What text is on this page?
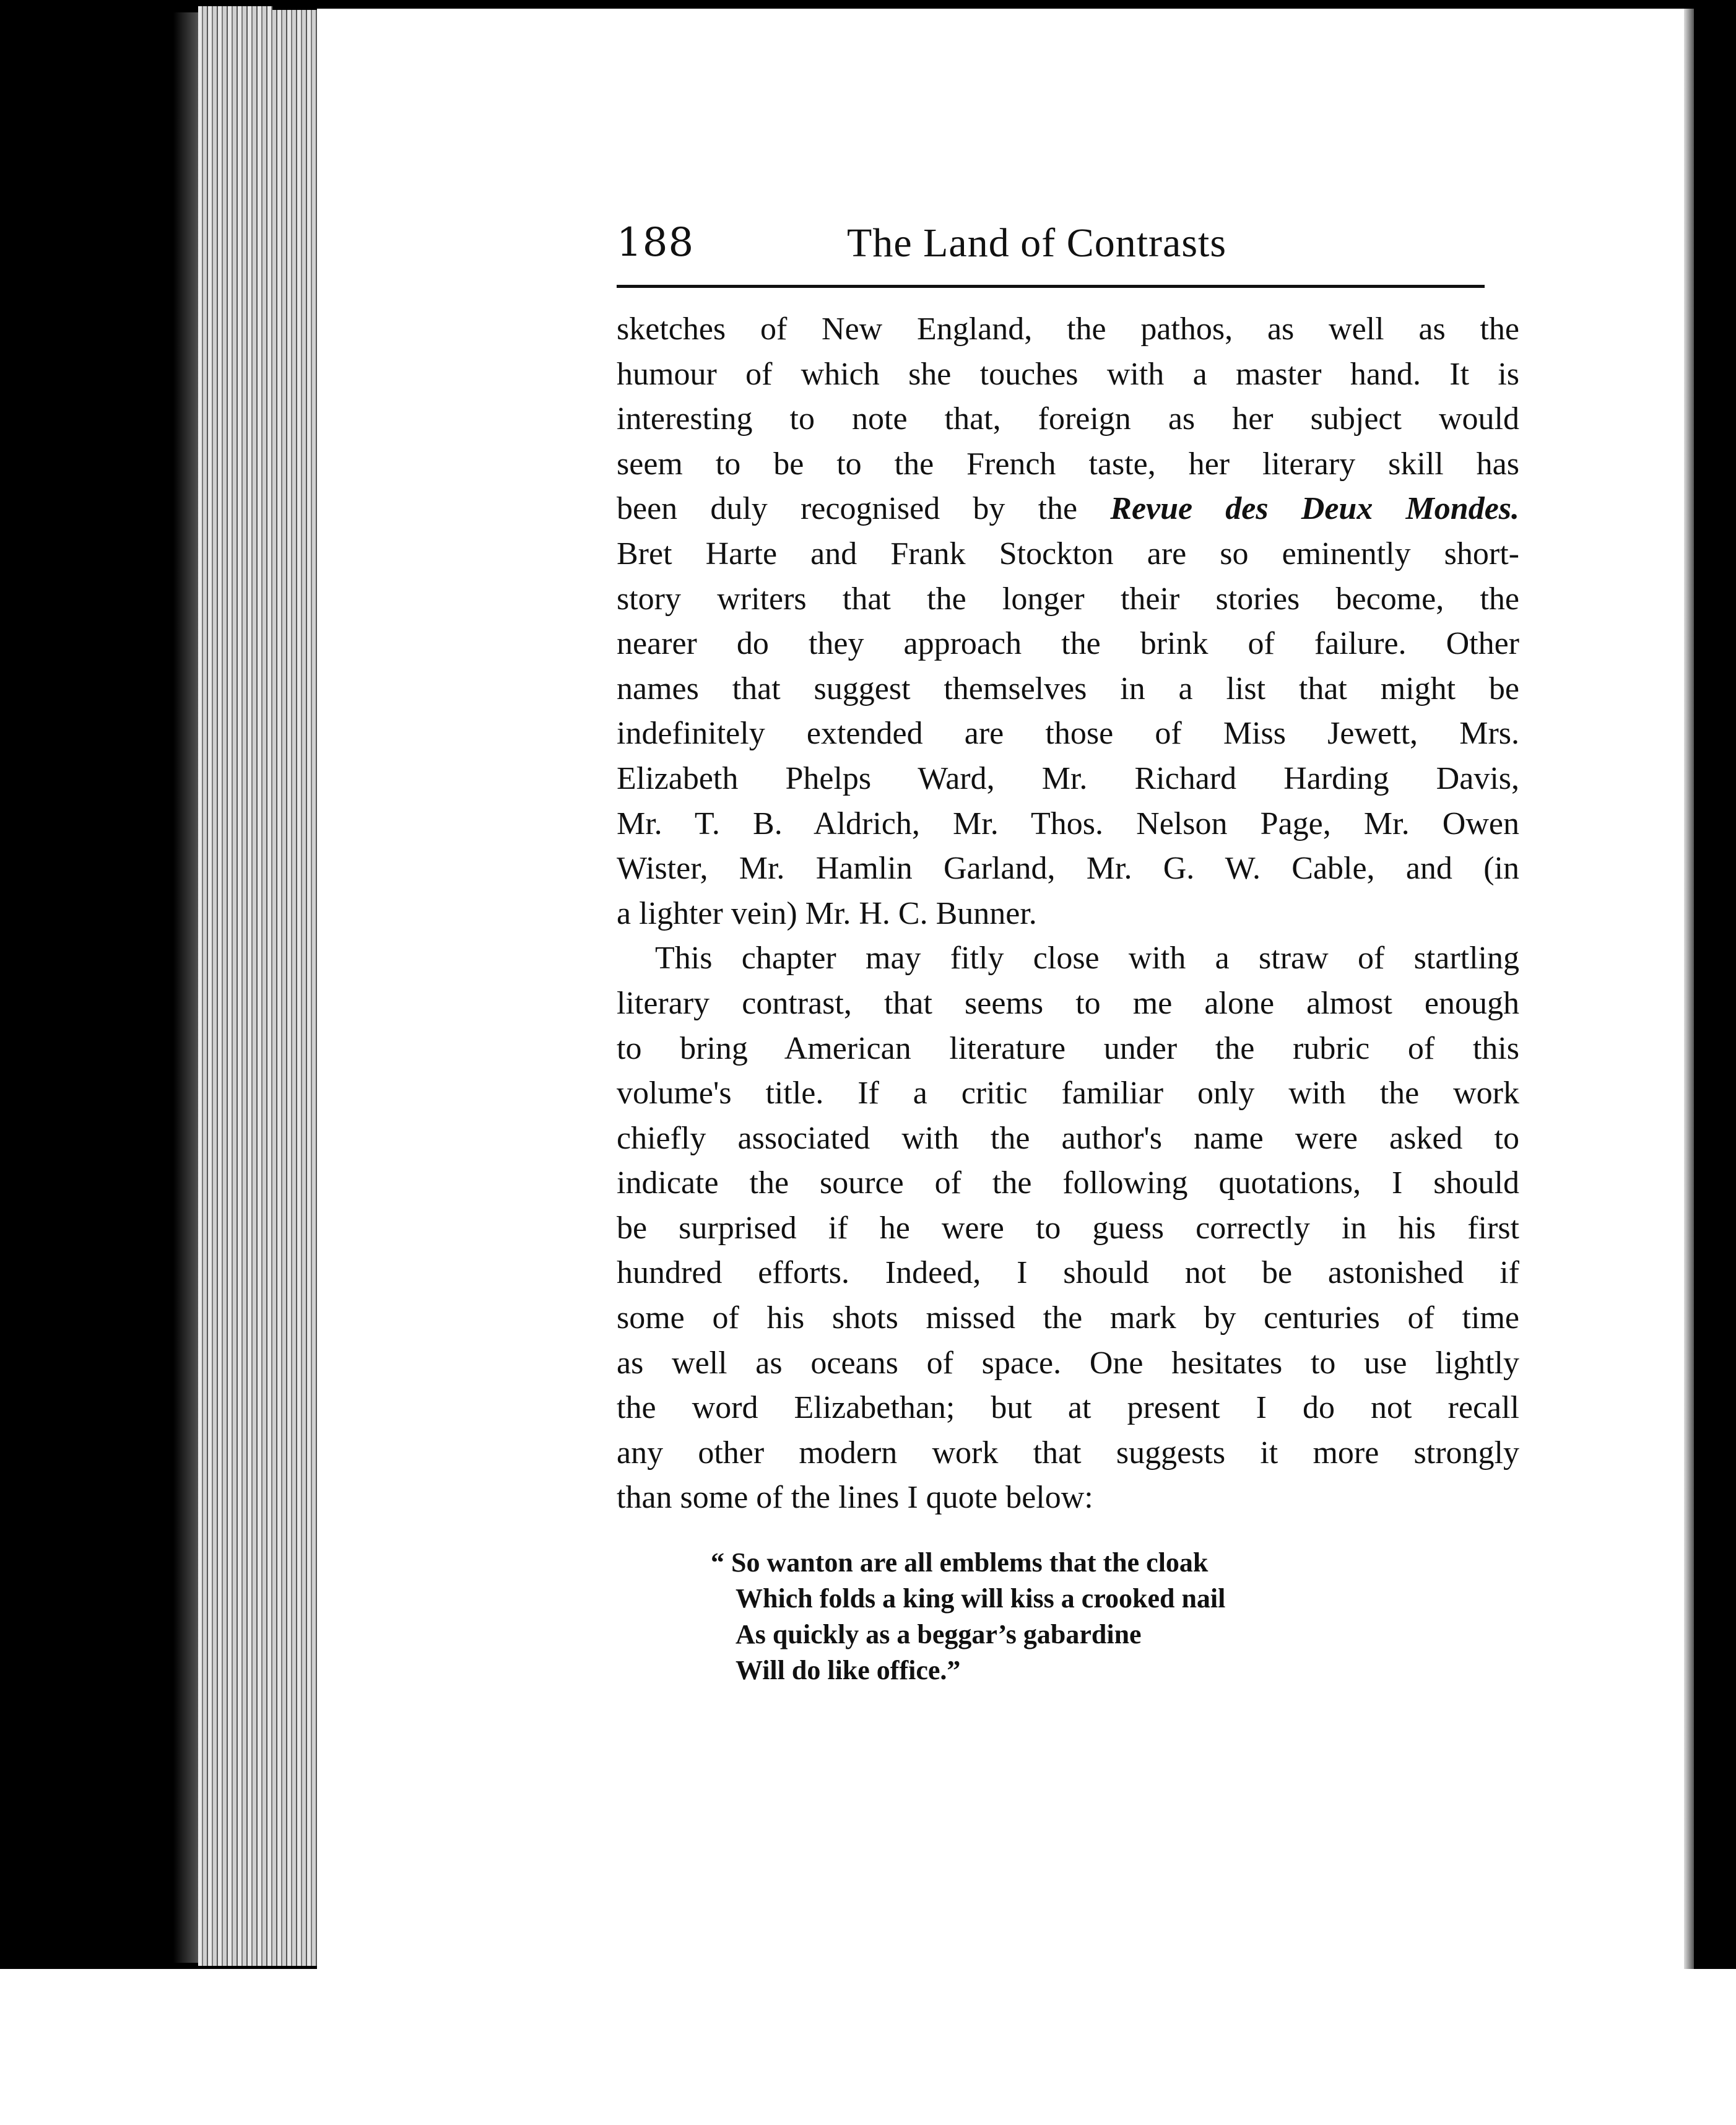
188	The Land of Contrasts
sketches of New England, the pathos, as well as the
humour of which she touches with a master hand. It is
interesting to note that, foreign as her subject would
seem to be to the French taste, her literary skill has
been duly recognised by the Revue des Deux Mondes.
Bret Harte and Frank Stockton are so eminently short-
story writers that the longer their stories become, the
nearer do they approach the brink of failure. Other
names that suggest themselves in a list that might be
indefinitely extended are those of Miss Jewett, Mrs.
Elizabeth Phelps Ward, Mr. Richard Harding Davis,
Mr. T. B. Aldrich, Mr. Thos. Nelson Page, Mr. Owen
Wister, Mr. Hamlin Garland, Mr. G. W. Cable, and (in
a lighter vein) Mr. H. C. Bunner.
This chapter may fitly close with a straw of startling
literary contrast, that seems to me alone almost enough
to bring American literature under the rubric of this
volume's title. If a critic familiar only with the work
chiefly associated with the author's name were asked to
indicate the source of the following quotations, I should
be surprised if he were to guess correctly in his first
hundred efforts. Indeed, I should not be astonished if
some of his shots missed the mark by centuries of time
as well as oceans of space. One hesitates to use lightly
the word Elizabethan; but at present I do not recall
any other modern work that suggests it more strongly
than some of the lines I quote below:
“ So wanton are all emblems that the cloak
Which folds a king will kiss a crooked nail
As quickly as a beggar’s gabardine
Will do like office.”
